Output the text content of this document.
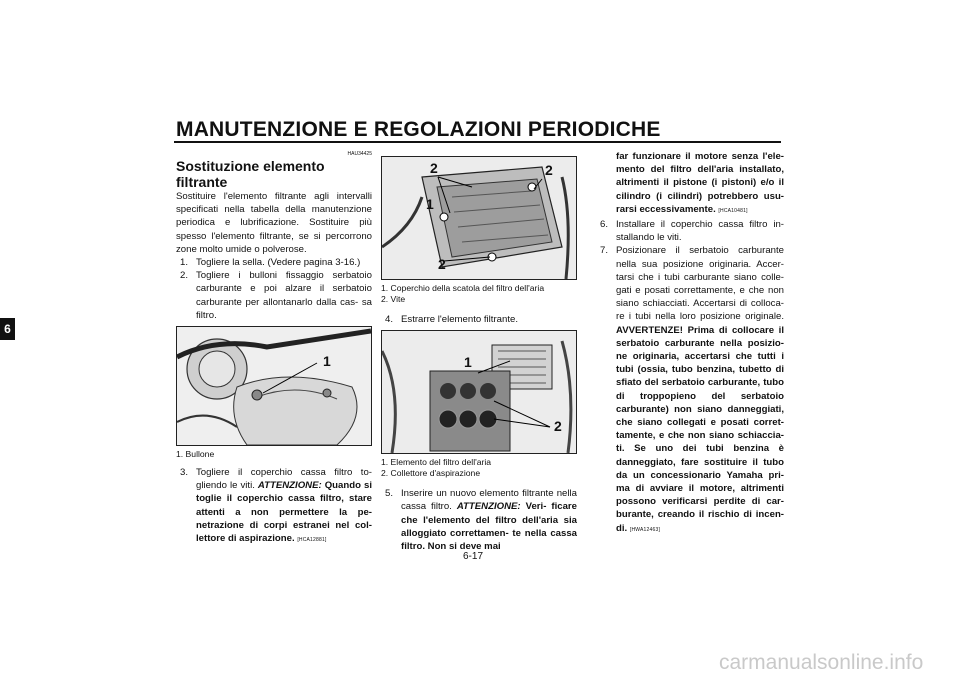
MANUTENZIONE E REGOLAZIONI PERIODICHE
6
HAU34425
Sostituzione elemento filtrante
Sostituire l'elemento filtrante agli intervalli specificati nella tabella della manutenzione periodica e lubrificazione. Sostituire più spesso l'elemento filtrante, se si percorrono zone molto umide o polverose.
1. Togliere la sella. (Vedere pagina 3-16.)
2. Togliere i bulloni fissaggio serbatoio carburante e poi alzare il serbatoio carburante per allontanarlo dalla cas- sa filtro.
1
1. Bullone
3. Togliere il coperchio cassa filtro to- gliendo le viti. ATTENZIONE: Quando si toglie il coperchio cassa filtro, stare attenti a non permettere la pe- netrazione di corpi estranei nel col- lettore di aspirazione. [HCA12881]
2	2
1
2
1. Coperchio della scatola del filtro dell'aria
2. Vite
4. Estrarre l'elemento filtrante.
1
2
1. Elemento del filtro dell'aria
2. Collettore d'aspirazione
5. Inserire un nuovo elemento filtrante nella cassa filtro. ATTENZIONE: Veri- ficare che l'elemento del filtro dell'aria sia alloggiato correttamen- te nella cassa filtro. Non si deve mai
far funzionare il motore senza l'ele- mento del filtro dell'aria installato, altrimenti il pistone (i pistoni) e/o il cilindro (i cilindri) potrebbero usu- rarsi eccessivamente. [HCA10481]
6. Installare il coperchio cassa filtro in- stallando le viti.
7. Posizionare il serbatoio carburante nella sua posizione originaria. Accer- tarsi che i tubi carburante siano colle- gati e posati correttamente, e che non siano schiacciati. Accertarsi di colloca- re i tubi nella loro posizione originale. AVVERTENZE! Prima di collocare il serbatoio carburante nella posizio- ne originaria, accertarsi che tutti i tubi (ossia, tubo benzina, tubetto di sfiato del serbatoio carburante, tubo di troppopieno del serbatoio carburante) non siano danneggiati, che siano collegati e posati corret- tamente, e che non siano schiaccia- ti. Se uno dei tubi benzina è danneggiato, fare sostituire il tubo da un concessionario Yamaha pri- ma di avviare il motore, altrimenti possono verificarsi perdite di car- burante, creando il rischio di incen- di. [HWA12463]
6-17
carmanualsonline.info
